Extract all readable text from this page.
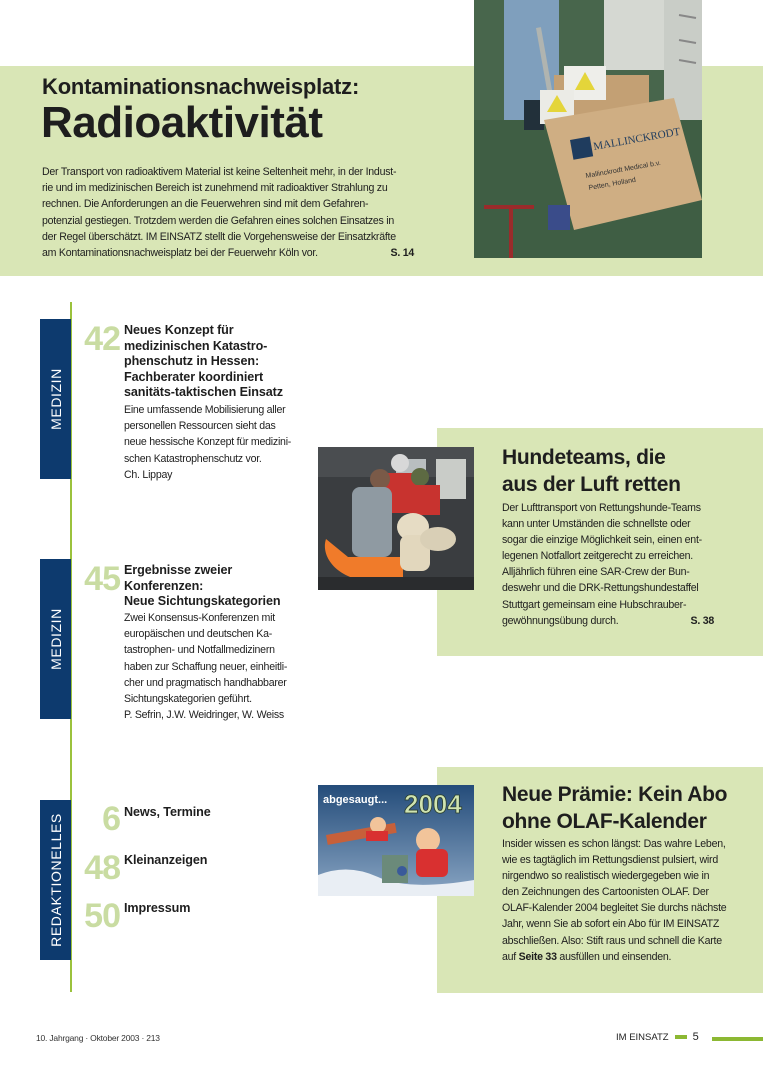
MALLINCKRODT
Mallinckrodt Medical b.v.
Petten, Holland
Kontaminationsnachweisplatz:
Radioaktivität
Der Transport von radioaktivem Material ist keine Seltenheit mehr, in der Indust-
rie und im medizinischen Bereich ist zunehmend mit radioaktiver Strahlung zu
rechnen. Die Anforderungen an die Feuerwehren sind mit dem Gefahren-
potenzial gestiegen. Trotzdem werden die Gefahren eines solchen Einsatzes in
der Regel überschätzt. IM EINSATZ stellt die Vorgehensweise der Einsatzkräfte
am Kontaminationsnachweisplatz bei der Feuerwehr Köln vor.	S. 14
MEDIZIN
MEDIZIN
REDAKTIONELLES
42 Neues Konzept für
medizinischen Katastro-
phenschutz in Hessen:
Fachberater koordiniert
sanitäts-taktischen Einsatz
Eine umfassende Mobilisierung aller
personellen Ressourcen sieht das
neue hessische Konzept für medizini-
schen Katastrophenschutz vor.
Ch. Lippay
45 Ergebnisse zweier
Konferenzen:
Neue Sichtungskategorien
Zwei Konsensus-Konferenzen mit
europäischen und deutschen Ka-
tastrophen- und Notfallmedizinern
haben zur Schaffung neuer, einheitli-
cher und pragmatisch handhabbarer
Sichtungskategorien geführt.
P. Sefrin, J.W. Weidringer, W. Weiss
6 News, Termine
48 Kleinanzeigen
50 Impressum
Hundeteams, die
aus der Luft retten
Der Lufttransport von Rettungshunde-Teams
kann unter Umständen die schnellste oder
sogar die einzige Möglichkeit sein, einen ent-
legenen Notfallort zeitgerecht zu erreichen.
Alljährlich führen eine SAR-Crew der Bun-
deswehr und die DRK-Rettungshundestaffel
Stuttgart gemeinsam eine Hubschrauber-
gewöhnungsübung durch.	S. 38
abgesaugt... 2004 Neue Prämie: Kein Abo
ohne OLAF-Kalender
Insider wissen es schon längst: Das wahre Leben,
wie es tagtäglich im Rettungsdienst pulsiert, wird
nirgendwo so realistisch wiedergegeben wie in
den Zeichnungen des Cartoonisten OLAF. Der
OLAF-Kalender 2004 begleitet Sie durchs nächste
Jahr, wenn Sie ab sofort ein Abo für IM EINSATZ
abschließen. Also: Stift raus und schnell die Karte
auf Seite 33 ausfüllen und einsenden.
10. Jahrgang · Oktober 2003 · 213	IM EINSATZ 5
